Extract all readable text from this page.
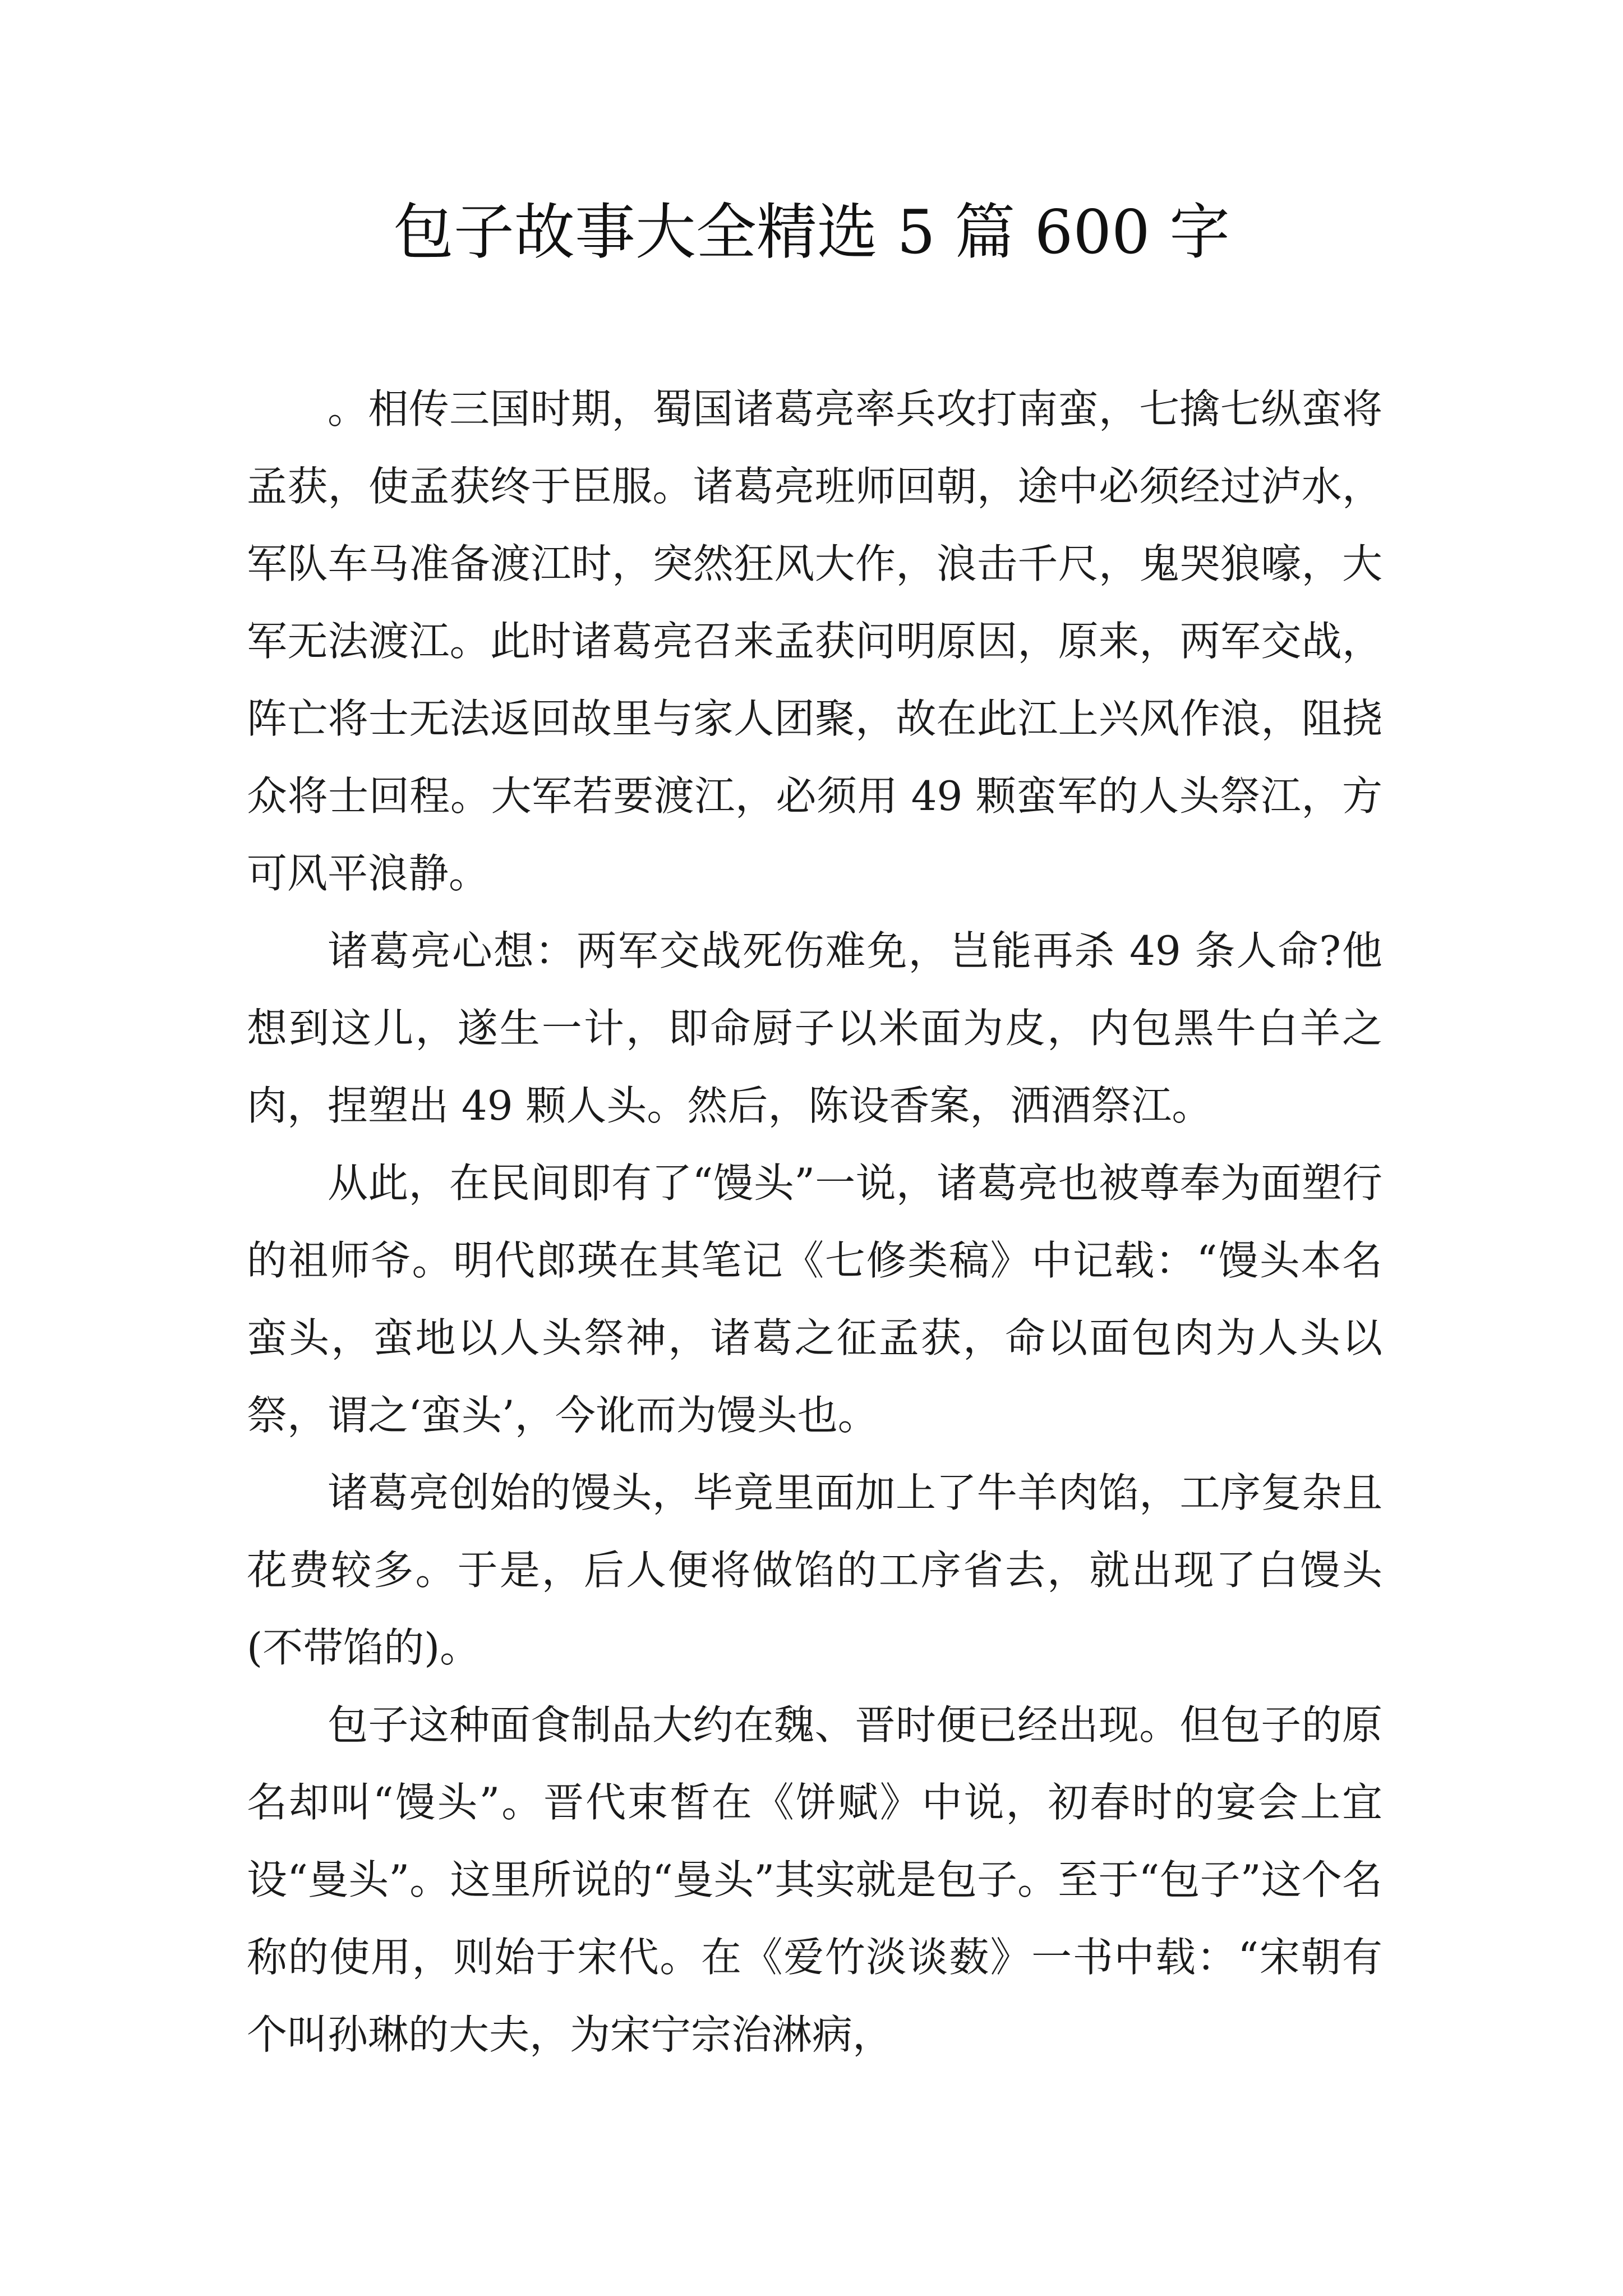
包子故事大全精选 5 篇 600 字

。相传三国时期，蜀国诸葛亮率兵攻打南蛮，七擒七纵蛮将孟获，使孟获终于臣服。诸葛亮班师回朝，途中必须经过泸水，军队车马准备渡江时，突然狂风大作，浪击千尺，鬼哭狼嚎，大军无法渡江。此时诸葛亮召来孟获问明原因，原来，两军交战，阵亡将士无法返回故里与家人团聚，故在此江上兴风作浪，阻挠众将士回程。大军若要渡江，必须用 49 颗蛮军的人头祭江，方可风平浪静。

诸葛亮心想：两军交战死伤难免，岂能再杀 49 条人命?他想到这儿，遂生一计，即命厨子以米面为皮，内包黑牛白羊之肉，捏塑出 49 颗人头。然后，陈设香案，洒酒祭江。

从此，在民间即有了“馒头”一说，诸葛亮也被尊奉为面塑行的祖师爷。明代郎瑛在其笔记《七修类稿》中记载：“馒头本名蛮头，蛮地以人头祭神，诸葛之征孟获，命以面包肉为人头以祭，谓之‘蛮头’，今讹而为馒头也。

诸葛亮创始的馒头，毕竟里面加上了牛羊肉馅，工序复杂且花费较多。于是，后人便将做馅的工序省去，就出现了白馒头(不带馅的)。

包子这种面食制品大约在魏、晋时便已经出现。但包子的原名却叫“馒头”。晋代束皙在《饼赋》中说，初春时的宴会上宜设“曼头”。这里所说的“曼头”其实就是包子。至于“包子”这个名称的使用，则始于宋代。在《爱竹淡谈薮》一书中载：“宋朝有个叫孙琳的大夫，为宋宁宗治淋病，
